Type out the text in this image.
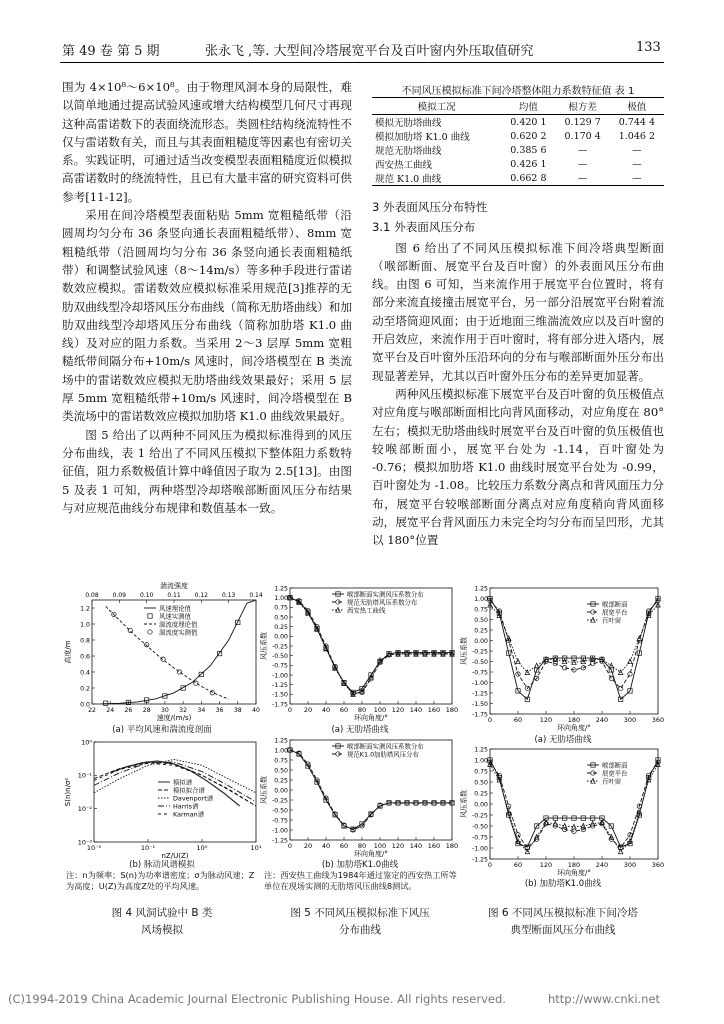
第 49 卷 第 5 期	张永飞 ,等. 大型间冷塔展宽平台及百叶窗内外压取值研究	133

围为 4×10⁸～6×10⁸。由于物理风洞本身的局限性，难以简单地通过提高试验风速或增大结构模型几何尺寸再现这种高雷诺数下的表面绕流形态。类圆柱结构绕流特性不仅与雷诺数有关，而且与其表面粗糙度等因素也有密切关系。实践证明，可通过适当改变模型表面粗糙度近似模拟高雷诺数时的绕流特性，且已有大量丰富的研究资料可供参考[11-12]。

采用在间冷塔模型表面粘贴 5mm 宽粗糙纸带（沿圆周均匀分布 36 条竖向通长表面粗糙纸带）、8mm 宽粗糙纸带（沿圆周均匀分布 36 条竖向通长表面粗糙纸带）和调整试验风速（8～14m/s）等多种手段进行雷诺数效应模拟。雷诺数效应模拟标准采用规范[3]推荐的无肋双曲线型冷却塔风压分布曲线（简称无肋塔曲线）和加肋双曲线型冷却塔风压分布曲线（简称加肋塔 K1.0 曲线）及对应的阻力系数。当采用 2～3 层厚 5mm 宽粗糙纸带间隔分布+10m/s 风速时，间冷塔模型在 B 类流场中的雷诺数效应模拟无肋塔曲线效果最好；采用 5 层厚 5mm 宽粗糙纸带+10m/s 风速时，间冷塔模型在 B 类流场中的雷诺数效应模拟加肋塔 K1.0 曲线效果最好。

图 5 给出了以两种不同风压为模拟标准得到的风压分布曲线，表 1 给出了不同风压模拟下整体阻力系数特征值，阻力系数极值计算中峰值因子取为 2.5[13]。由图 5 及表 1 可知，两种塔型冷却塔喉部断面风压分布结果与对应规范曲线分布规律和数值基本一致。

不同风压模拟标准下间冷塔整体阻力系数特征值 表 1
模拟工况	均值	根方差	极值
模拟无肋塔曲线	0.420 1	0.129 7	0.744 4
模拟加肋塔 K1.0 曲线	0.620 2	0.170 4	1.046 2
规范无肋塔曲线	0.385 6	—	—
西安热工曲线	0.426 1	—	—
规范 K1.0 曲线	0.662 8	—	—

3 外表面风压分布特性

3.1 外表面风压分布

图 6 给出了不同风压模拟标准下间冷塔典型断面（喉部断面、展宽平台及百叶窗）的外表面风压分布曲线。由图 6 可知，当来流作用于展宽平台位置时，将有部分来流直接撞击展宽平台，另一部分沿展宽平台附着流动至塔筒迎风面；由于近地面三维湍流效应以及百叶窗的开启效应，来流作用于百叶窗时，将有部分进入塔内，展宽平台及百叶窗外压沿环向的分布与喉部断面外压分布出现显著差异，尤其以百叶窗外压分布的差异更加显著。

两种风压模拟标准下展宽平台及百叶窗的负压极值点对应角度与喉部断面相比向背风面移动，对应角度在 80°左右；模拟无肋塔曲线时展宽平台及百叶窗的负压极值也较喉部断面小，展宽平台处为 -1.14，百叶窗处为 -0.76；模拟加肋塔 K1.0 曲线时展宽平台处为 -0.99，百叶窗处为 -1.08。比较压力系数分离点和背风面压力分布，展宽平台较喉部断面分离点对应角度稍向背风面移动，展宽平台背风面压力未完全均匀分布而呈凹形，尤其以 180°位置

湍流强度
0.08 0.09 0.10 0.11 0.12 0.13 0.14
22 24 26 28 30 32 34 36 38 40
0.0
0.2
0.4
0.6
0.8
1.0
1.2
速度/(m/s)
高度/m
风速理论值
风速实测值
湍流度理论值
湍流度实测值
(a) 平均风速和湍流度剖面
10⁻²	10⁻¹	10⁰	10¹
10⁰
10⁻¹
10⁻²
10⁻³
nZ/U(Z)
S(n)n/σ²	模拟谱
模拟拟合谱
Davenport谱
Harris谱
Karman谱
(b) 脉动风谱模拟
1.25
1.00
0.75
0.50
0.25
0.00
-0.25
-0.50
-0.75
-1.00
-1.25
-1.50
-1.75
0 20 40 60 80 100 120 140 160 180
环向角度/°
风压系数
喉部断面实测风压系数分布
规范无肋塔风压系数分布
西安热工曲线
(a) 无肋塔曲线
1.25
1.00
0.75
0.50
0.25
0.00
-0.25
-0.50
-0.75
-1.00
-1.25
0 20 40 60 80 100 120 140 160 180
环向角度/°
风压系数
喉部断面实测风压系数分布
规范K1.0加肋塔风压分布
(b) 加肋塔K1.0曲线
1.25
1.00
0.75
0.50
0.25
0.00
-0.25
-0.50
-0.75
-1.00
-1.25
-1.50
-1.75
0	60	120 180 240 300 360
环向角度/°
风压系数
喉部断面
展宽平台
百叶窗
(a) 无肋塔曲线
1.25
1.00
0.75
0.50
0.25
0.00
-0.25
-0.50
-0.75
-1.00
-1.25
0	60	120 180 240 300 360
环向角度/°
风压系数
喉部断面
展宽平台
百叶窗
(b) 加肋塔K1.0曲线
注：n为频率；S(n)为功率谱密度；σ为脉动风速；Z为高度；U(Z)为高度Z处的平均风速。
注：西安热工曲线为1984年通过鉴定的西安热工所等单位在现场实测的无肋塔风压曲线8测试。
图 4 风洞试验中 B 类
风场模拟
图 5 不同风压模拟标准下风压
分布曲线
图 6 不同风压模拟标准下间冷塔
典型断面风压分布曲线
(C)1994-2019 China Academic Journal Electronic Publishing House. All rights reserved.	http://www.cnki.net
